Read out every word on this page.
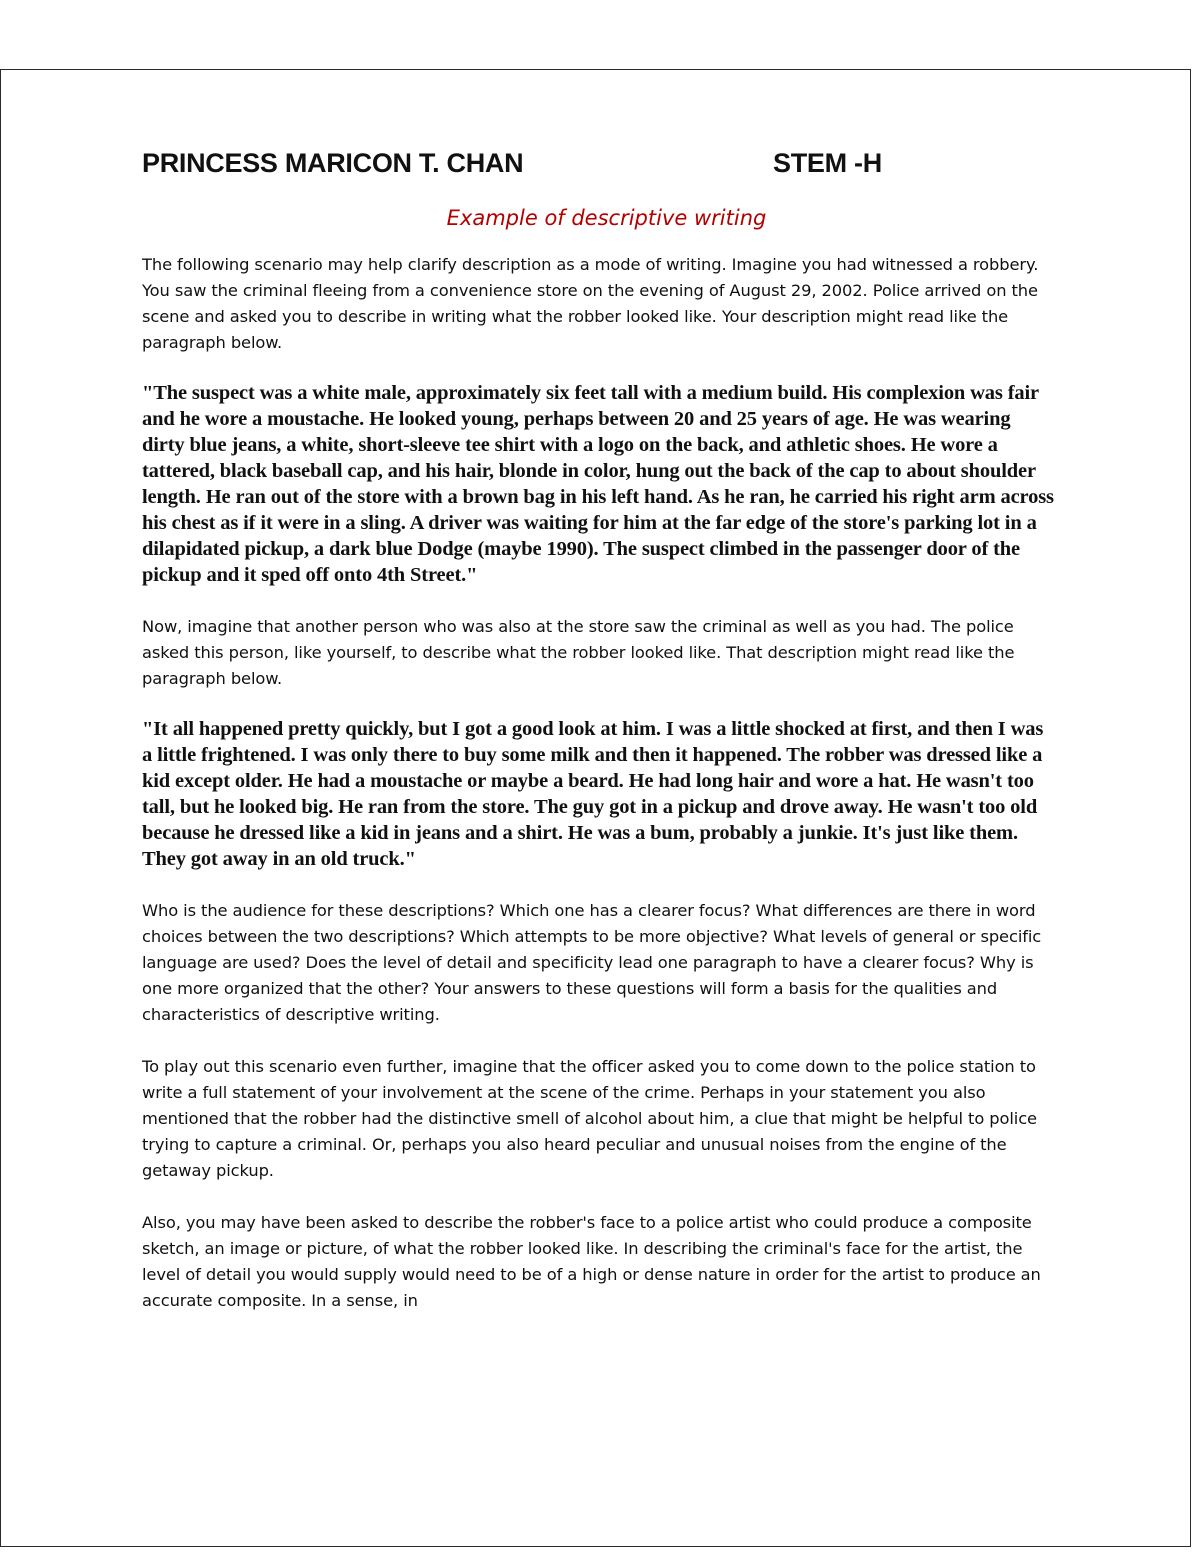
PRINCESS MARICON T. CHAN	STEM -H
Example of descriptive writing

The following scenario may help clarify description as a mode of writing. Imagine you had witnessed a robbery. You saw the criminal fleeing from a convenience store on the evening of August 29, 2002. Police arrived on the scene and asked you to describe in writing what the robber looked like. Your description might read like the paragraph below.

"The suspect was a white male, approximately six feet tall with a medium build. His complexion was fair and he wore a moustache. He looked young, perhaps between 20 and 25 years of age. He was wearing dirty blue jeans, a white, short-sleeve tee shirt with a logo on the back, and athletic shoes. He wore a tattered, black baseball cap, and his hair, blonde in color, hung out the back of the cap to about shoulder length. He ran out of the store with a brown bag in his left hand. As he ran, he carried his right arm across his chest as if it were in a sling. A driver was waiting for him at the far edge of the store's parking lot in a dilapidated pickup, a dark blue Dodge (maybe 1990). The suspect climbed in the passenger door of the pickup and it sped off onto 4th Street."

Now, imagine that another person who was also at the store saw the criminal as well as you had. The police asked this person, like yourself, to describe what the robber looked like. That description might read like the paragraph below.

"It all happened pretty quickly, but I got a good look at him. I was a little shocked at first, and then I was a little frightened. I was only there to buy some milk and then it happened. The robber was dressed like a kid except older. He had a moustache or maybe a beard. He had long hair and wore a hat. He wasn't too tall, but he looked big. He ran from the store. The guy got in a pickup and drove away. He wasn't too old because he dressed like a kid in jeans and a shirt. He was a bum, probably a junkie. It's just like them. They got away in an old truck."

Who is the audience for these descriptions? Which one has a clearer focus? What differences are there in word choices between the two descriptions? Which attempts to be more objective? What levels of general or specific language are used? Does the level of detail and specificity lead one paragraph to have a clearer focus? Why is one more organized that the other? Your answers to these questions will form a basis for the qualities and characteristics of descriptive writing.

To play out this scenario even further, imagine that the officer asked you to come down to the police station to write a full statement of your involvement at the scene of the crime. Perhaps in your statement you also mentioned that the robber had the distinctive smell of alcohol about him, a clue that might be helpful to police trying to capture a criminal. Or, perhaps you also heard peculiar and unusual noises from the engine of the getaway pickup.

Also, you may have been asked to describe the robber's face to a police artist who could produce a composite sketch, an image or picture, of what the robber looked like. In describing the criminal's face for the artist, the level of detail you would supply would need to be of a high or dense nature in order for the artist to produce an accurate composite. In a sense, in
